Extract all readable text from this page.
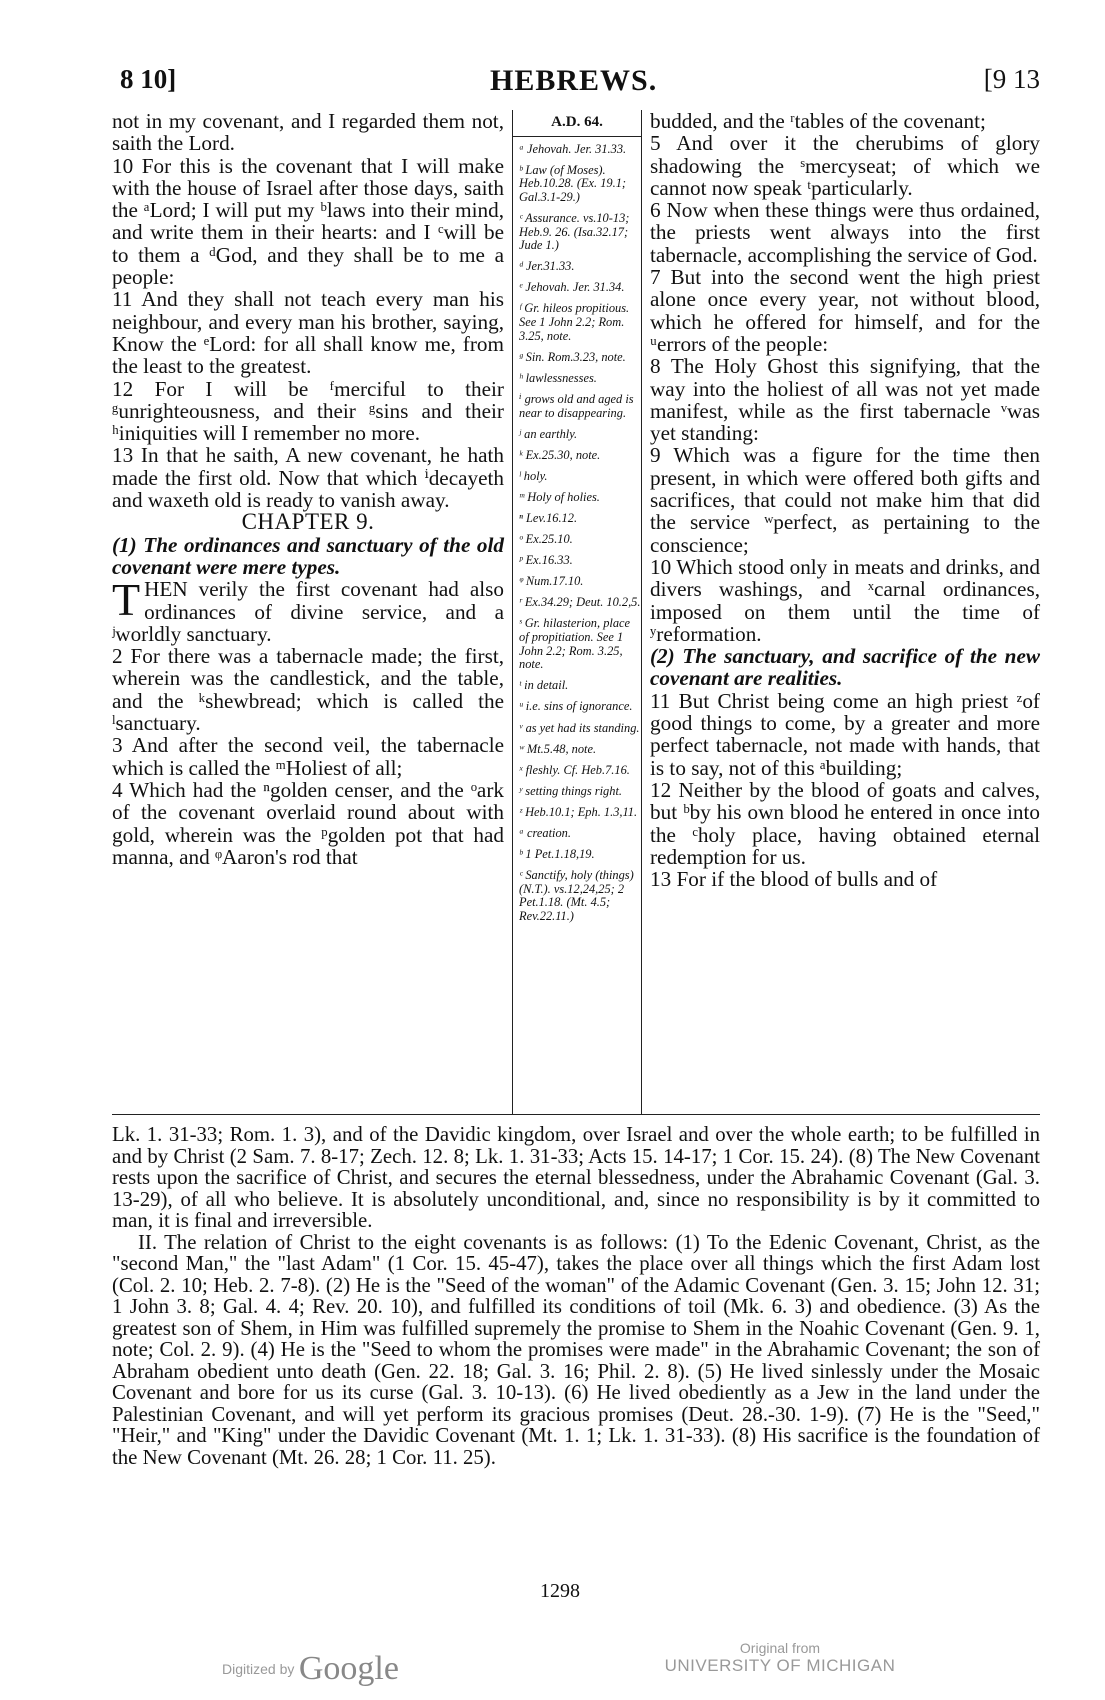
8 10]	HEBREWS.	[9 13

not in my covenant, and I regarded them not, saith the Lord.

10 For this is the covenant that I will make with the house of Israel after those days, saith the ᵃLord; I will put my ᵇlaws into their mind, and write them in their hearts: and I ᶜwill be to them a ᵈGod, and they shall be to me a people:

11 And they shall not teach every man his neighbour, and every man his brother, saying, Know the ᵉLord: for all shall know me, from the least to the greatest.

12 For I will be ᶠmerciful to their ᵍunrighteousness, and their ᵍsins and their ʰiniquities will I remember no more.

13 In that he saith, A new covenant, he hath made the first old. Now that which ⁱdecayeth and waxeth old is ready to vanish away.

CHAPTER 9.

(1) The ordinances and sanctuary of the old covenant were mere types.

THEN verily the first covenant had also ordinances of divine service, and a ʲworldly sanctuary.

2 For there was a tabernacle made; the first, wherein was the candlestick, and the table, and the ᵏshewbread; which is called the ˡsanctuary.

3 And after the second veil, the tabernacle which is called the ᵐHoliest of all;

4 Which had the ⁿgolden censer, and the ᵒark of the covenant overlaid round about with gold, wherein was the ᵖgolden pot that had manna, and ᵠAaron's rod that

A.D. 64.
ᵃ Jehovah. Jer. 31.33.
ᵇ Law (of Moses). Heb.10.28. (Ex. 19.1; Gal.3.1-29.)
ᶜ Assurance. vs.10-13; Heb.9. 26. (Isa.32.17; Jude 1.)
ᵈ Jer.31.33.
ᵉ Jehovah. Jer. 31.34.
ᶠ Gr. hileos propitious. See 1 John 2.2; Rom. 3.25, note.
ᵍ Sin. Rom.3.23, note.
ʰ lawlessnesses.
ⁱ grows old and aged is near to disappearing.
ʲ an earthly.
ᵏ Ex.25.30, note.
ˡ holy.
ᵐ Holy of holies.
ⁿ Lev.16.12.
ᵒ Ex.25.10.
ᵖ Ex.16.33.
ᵠ Num.17.10.
ʳ Ex.34.29; Deut. 10.2,5.
ˢ Gr. hilasterion, place of propitiation. See 1 John 2.2; Rom. 3.25, note.
ᵗ in detail.
ᵘ i.e. sins of ignorance.
ᵛ as yet had its standing.
ʷ Mt.5.48, note.
ˣ fleshly. Cf. Heb.7.16.
ʸ setting things right.
ᶻ Heb.10.1; Eph. 1.3,11.
ᵃ creation.
ᵇ 1 Pet.1.18,19.
ᶜ Sanctify, holy (things) (N.T.). vs.12,24,25; 2 Pet.1.18. (Mt. 4.5; Rev.22.11.)

budded, and the ʳtables of the covenant;

5 And over it the cherubims of glory shadowing the ˢmercyseat; of which we cannot now speak ᵗparticularly.

6 Now when these things were thus ordained, the priests went always into the first tabernacle, accomplishing the service of God.

7 But into the second went the high priest alone once every year, not without blood, which he offered for himself, and for the ᵘerrors of the people:

8 The Holy Ghost this signifying, that the way into the holiest of all was not yet made manifest, while as the first tabernacle ᵛwas yet standing:

9 Which was a figure for the time then present, in which were offered both gifts and sacrifices, that could not make him that did the service ʷperfect, as pertaining to the conscience;

10 Which stood only in meats and drinks, and divers washings, and ˣcarnal ordinances, imposed on them until the time of ʸreformation.

(2) The sanctuary, and sacrifice of the new covenant are realities.

11 But Christ being come an high priest ᶻof good things to come, by a greater and more perfect tabernacle, not made with hands, that is to say, not of this ᵃbuilding;

12 Neither by the blood of goats and calves, but ᵇby his own blood he entered in once into the ᶜholy place, having obtained eternal redemption for us.

13 For if the blood of bulls and of

Lk. 1. 31-33; Rom. 1. 3), and of the Davidic kingdom, over Israel and over the whole earth; to be fulfilled in and by Christ (2 Sam. 7. 8-17; Zech. 12. 8; Lk. 1. 31-33; Acts 15. 14-17; 1 Cor. 15. 24). (8) The New Covenant rests upon the sacrifice of Christ, and secures the eternal blessedness, under the Abrahamic Covenant (Gal. 3. 13-29), of all who believe. It is absolutely unconditional, and, since no responsibility is by it committed to man, it is final and irreversible.

II. The relation of Christ to the eight covenants is as follows: (1) To the Edenic Covenant, Christ, as the "second Man," the "last Adam" (1 Cor. 15. 45-47), takes the place over all things which the first Adam lost (Col. 2. 10; Heb. 2. 7-8). (2) He is the "Seed of the woman" of the Adamic Covenant (Gen. 3. 15; John 12. 31; 1 John 3. 8; Gal. 4. 4; Rev. 20. 10), and fulfilled its conditions of toil (Mk. 6. 3) and obedience. (3) As the greatest son of Shem, in Him was fulfilled supremely the promise to Shem in the Noahic Covenant (Gen. 9. 1, note; Col. 2. 9). (4) He is the "Seed to whom the promises were made" in the Abrahamic Covenant; the son of Abraham obedient unto death (Gen. 22. 18; Gal. 3. 16; Phil. 2. 8). (5) He lived sinlessly under the Mosaic Covenant and bore for us its curse (Gal. 3. 10-13). (6) He lived obediently as a Jew in the land under the Palestinian Covenant, and will yet perform its gracious promises (Deut. 28.-30. 1-9). (7) He is the "Seed," "Heir," and "King" under the Davidic Covenant (Mt. 1. 1; Lk. 1. 31-33). (8) His sacrifice is the foundation of the New Covenant (Mt. 26. 28; 1 Cor. 11. 25).

1298
Digitized by Google
Original from
UNIVERSITY OF MICHIGAN
